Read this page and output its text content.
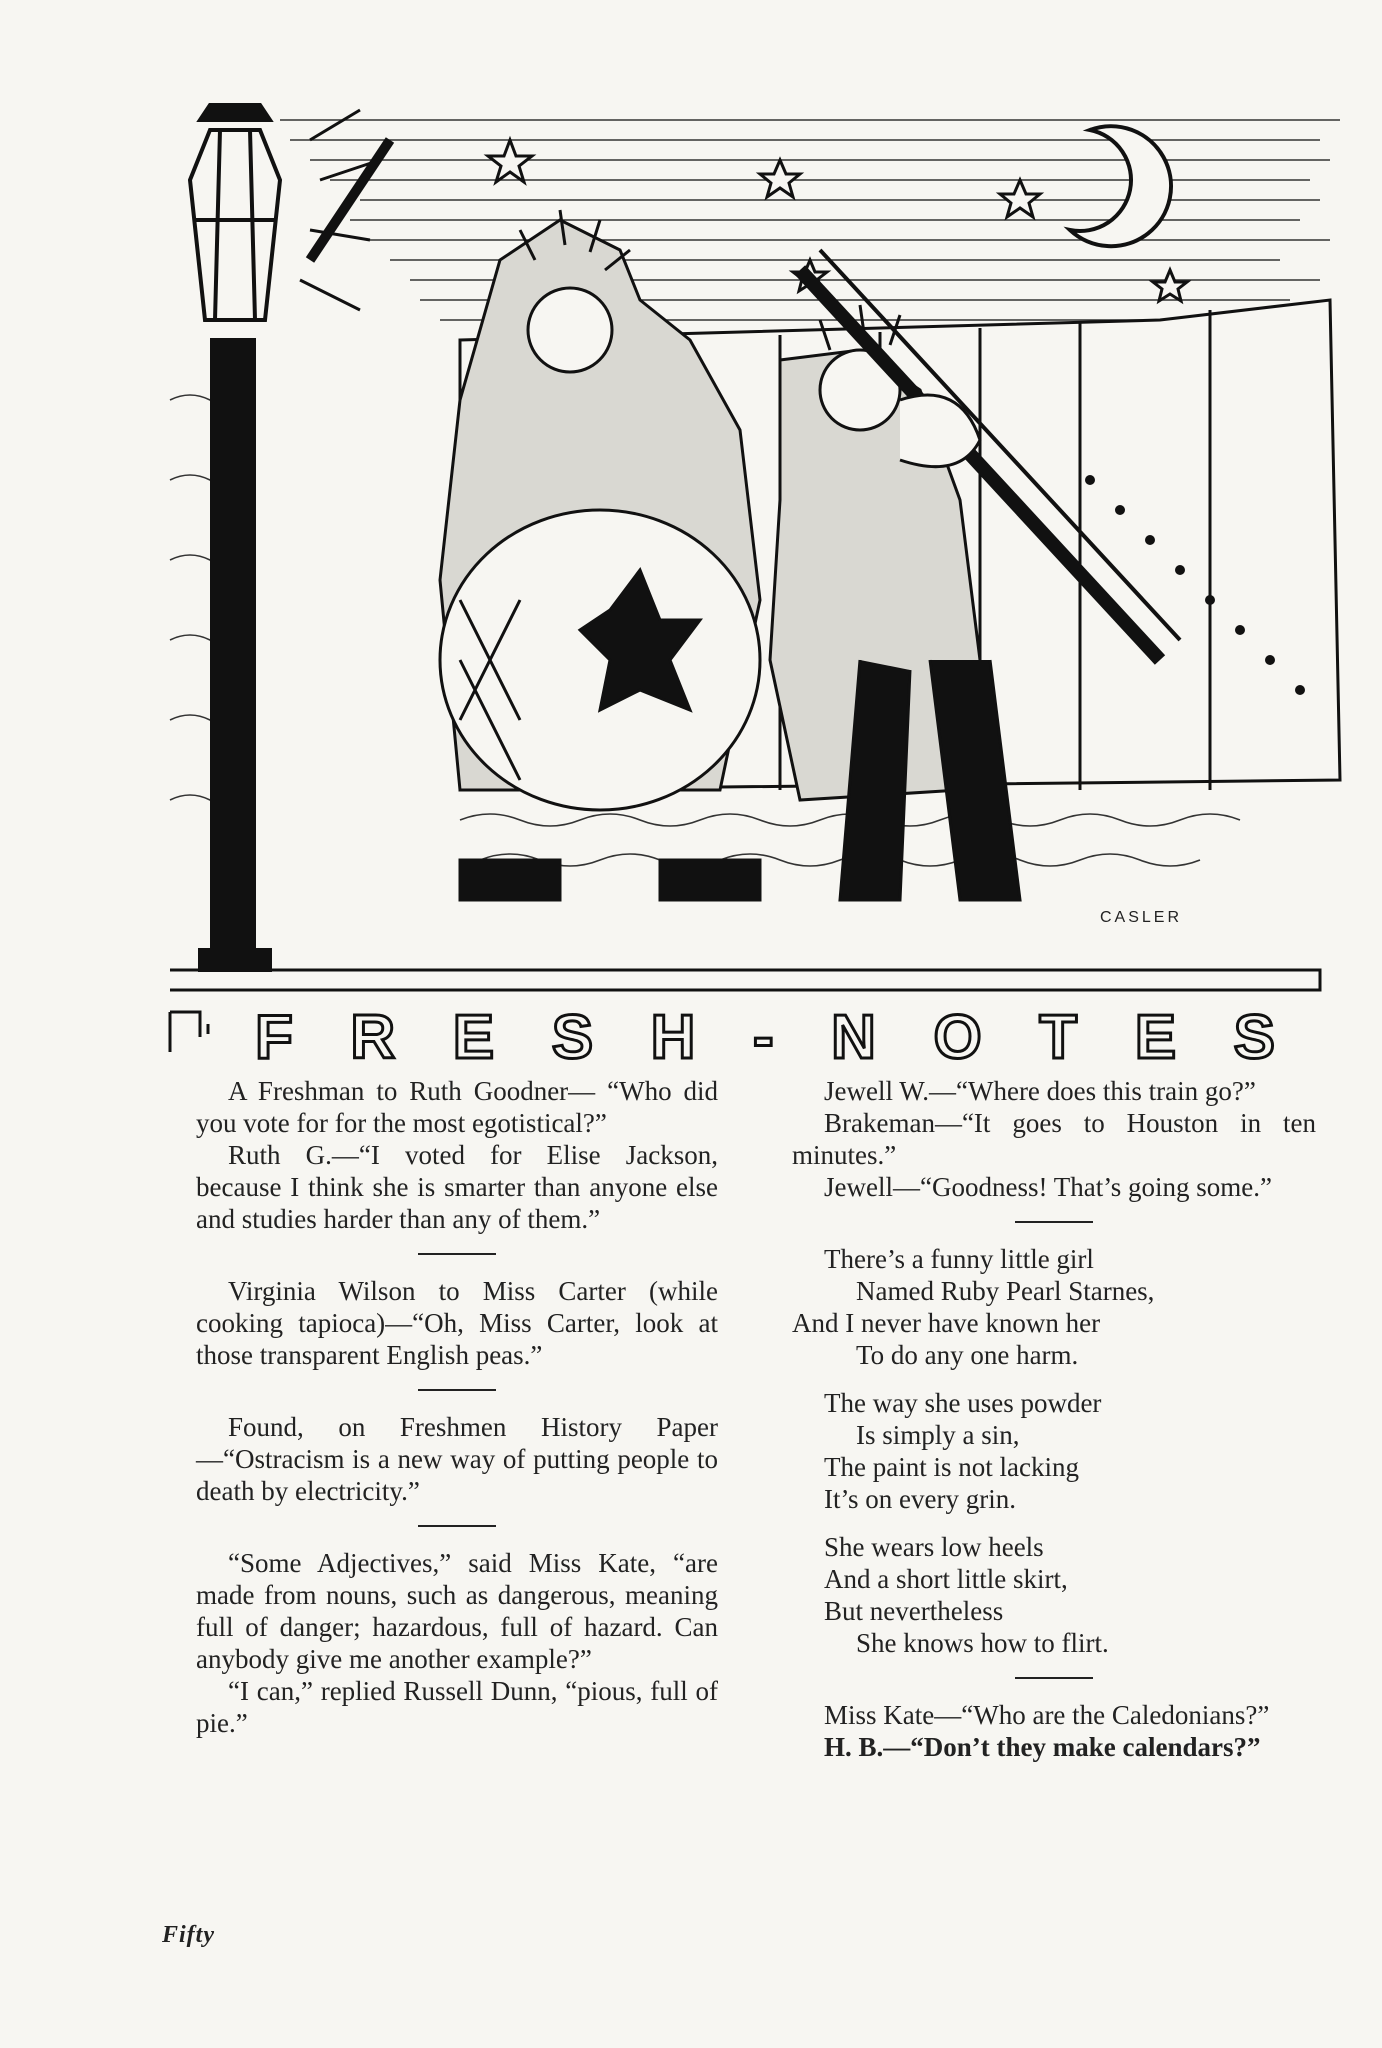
CASLER
FRESH-NOTES

A Freshman to Ruth Goodner— “Who did you vote for for the most egotistical?”

Ruth G.—“I voted for Elise Jackson, because I think she is smarter than anyone else and studies harder than any of them.”

Virginia Wilson to Miss Carter (while cooking tapioca)—“Oh, Miss Carter, look at those transparent English peas.”

Found, on Freshmen History Paper—“Ostracism is a new way of putting people to death by electricity.”

“Some Adjectives,” said Miss Kate, “are made from nouns, such as dangerous, meaning full of danger; hazardous, full of hazard. Can anybody give me another example?”

“I can,” replied Russell Dunn, “pious, full of pie.”

Jewell W.—“Where does this train go?”

Brakeman—“It goes to Houston in ten minutes.”

Jewell—“Goodness! That’s going some.”

There’s a funny little girl
Named Ruby Pearl Starnes,
And I never have known her
To do any one harm.
The way she uses powder
Is simply a sin,
The paint is not lacking
It’s on every grin.
She wears low heels
And a short little skirt,
But nevertheless
She knows how to flirt.

Miss Kate—“Who are the Caledonians?”

H. B.—“Don’t they make calendars?”

Fifty
